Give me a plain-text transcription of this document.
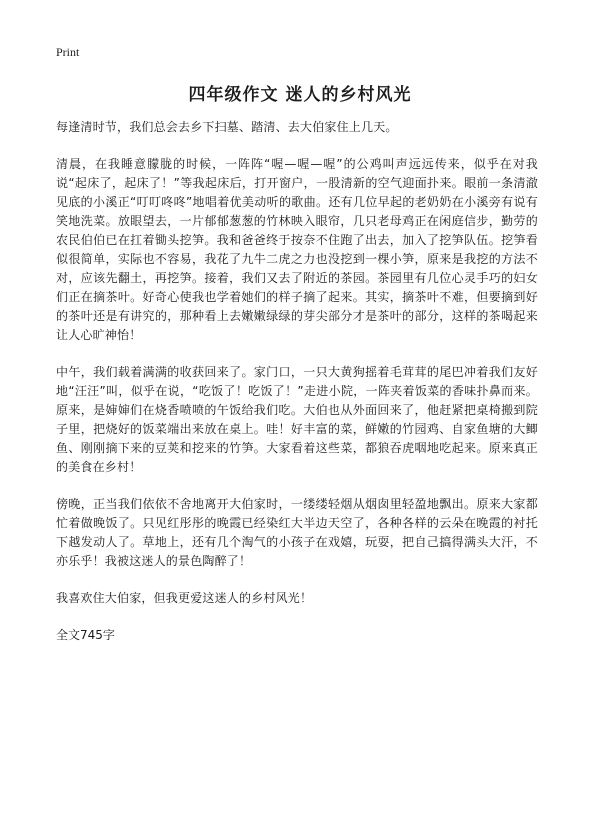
Print
四年级作文 迷人的乡村风光

每逢清时节，我们总会去乡下扫墓、踏清、去大伯家住上几天。

清晨，在我睡意朦胧的时候，一阵阵“喔—喔—喔”的公鸡叫声远远传来，似乎在对我说“起床了，起床了！”等我起床后，打开窗户，一股清新的空气迎面扑来。眼前一条清澈见底的小溪正“叮叮咚咚”地唱着优美动听的歌曲。还有几位早起的老奶奶在小溪旁有说有笑地洗菜。放眼望去，一片郁郁葱葱的竹林映入眼帘，几只老母鸡正在闲庭信步，勤劳的农民伯伯已在扛着锄头挖笋。我和爸爸终于按奈不住跑了出去，加入了挖笋队伍。挖笋看似很简单，实际也不容易，我花了九牛二虎之力也没挖到一棵小笋，原来是我挖的方法不对，应该先翻土，再挖笋。接着，我们又去了附近的茶园。茶园里有几位心灵手巧的妇女们正在摘茶叶。好奇心使我也学着她们的样子摘了起来。其实，摘茶叶不难，但要摘到好的茶叶还是有讲究的，那种看上去嫩嫩绿绿的芽尖部分才是茶叶的部分，这样的茶喝起来让人心旷神怡！

中午，我们载着满满的收获回来了。家门口，一只大黄狗摇着毛茸茸的尾巴冲着我们友好地“汪汪”叫，似乎在说，“吃饭了！吃饭了！”走进小院，一阵夹着饭菜的香味扑鼻而来。原来，是婶婶们在烧香喷喷的午饭给我们吃。大伯也从外面回来了，他赶紧把桌椅搬到院子里，把烧好的饭菜端出来放在桌上。哇！好丰富的菜，鲜嫩的竹园鸡、自家鱼塘的大鲫鱼、刚刚摘下来的豆荚和挖来的竹笋。大家看着这些菜，都狼吞虎咽地吃起来。原来真正的美食在乡村！

傍晚，正当我们依依不舍地离开大伯家时，一缕缕轻烟从烟囱里轻盈地飘出。原来大家都忙着做晚饭了。只见红彤彤的晚霞已经染红大半边天空了，各种各样的云朵在晚霞的衬托下越发动人了。草地上，还有几个淘气的小孩子在戏嬉，玩耍，把自己搞得满头大汗，不亦乐乎！我被这迷人的景色陶醉了！

我喜欢住大伯家，但我更爱这迷人的乡村风光！

全文745字
